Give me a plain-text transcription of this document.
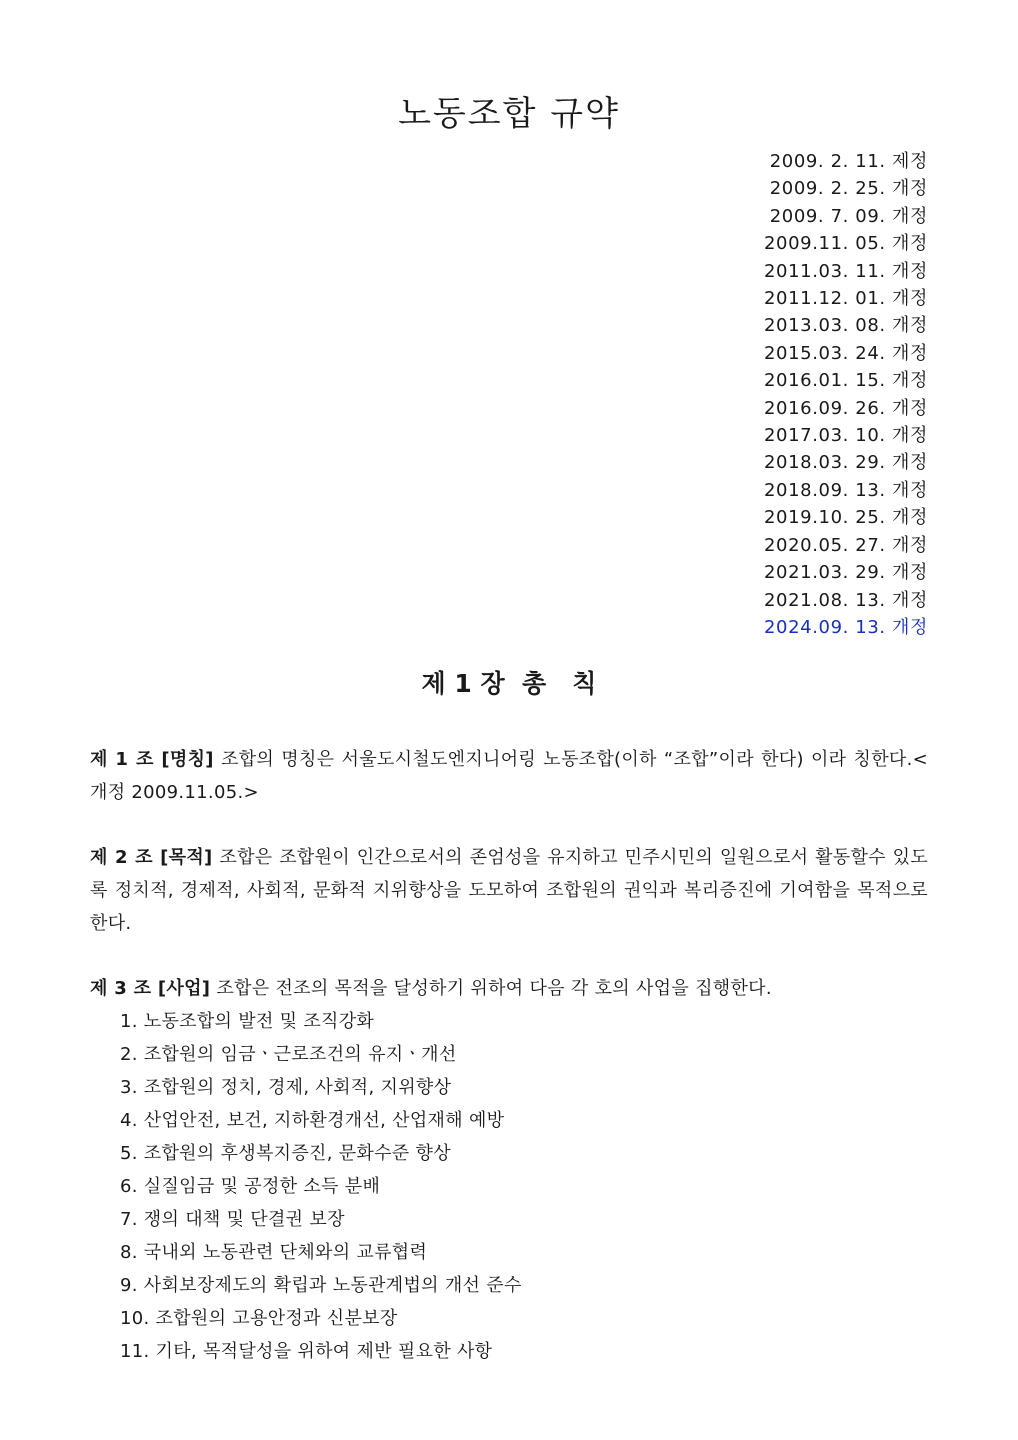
노동조합 규약
2009. 2. 11. 제정
2009. 2. 25. 개정
2009. 7. 09. 개정
2009.11. 05. 개정
2011.03. 11. 개정
2011.12. 01. 개정
2013.03. 08. 개정
2015.03. 24. 개정
2016.01. 15. 개정
2016.09. 26. 개정
2017.03. 10. 개정
2018.03. 29. 개정
2018.09. 13. 개정
2019.10. 25. 개정
2020.05. 27. 개정
2021.03. 29. 개정
2021.08. 13. 개정
2024.09. 13. 개정
제 1 장  총   칙
제 1 조 [명칭] 조합의 명칭은 서울도시철도엔지니어링 노동조합(이하 “조합”이라 한다) 이라 칭한다.<개정 2009.11.05.>
제 2 조 [목적] 조합은 조합원이 인간으로서의 존엄성을 유지하고 민주시민의 일원으로서 활동할수 있도록 정치적, 경제적, 사회적, 문화적 지위향상을 도모하여 조합원의 권익과 복리증진에 기여함을 목적으로 한다.
제 3 조 [사업] 조합은 전조의 목적을 달성하기 위하여 다음 각 호의 사업을 집행한다.
1. 노동조합의 발전 및 조직강화
2. 조합원의 임금ㆍ근로조건의 유지ㆍ개선
3. 조합원의 정치, 경제, 사회적, 지위향상
4. 산업안전, 보건, 지하환경개선, 산업재해 예방
5. 조합원의 후생복지증진, 문화수준 향상
6. 실질임금 및 공정한 소득 분배
7. 쟁의 대책 및 단결권 보장
8. 국내외 노동관련 단체와의 교류협력
9. 사회보장제도의 확립과 노동관계법의 개선 준수
10. 조합원의 고용안정과 신분보장
11. 기타, 목적달성을 위하여 제반 필요한 사항
